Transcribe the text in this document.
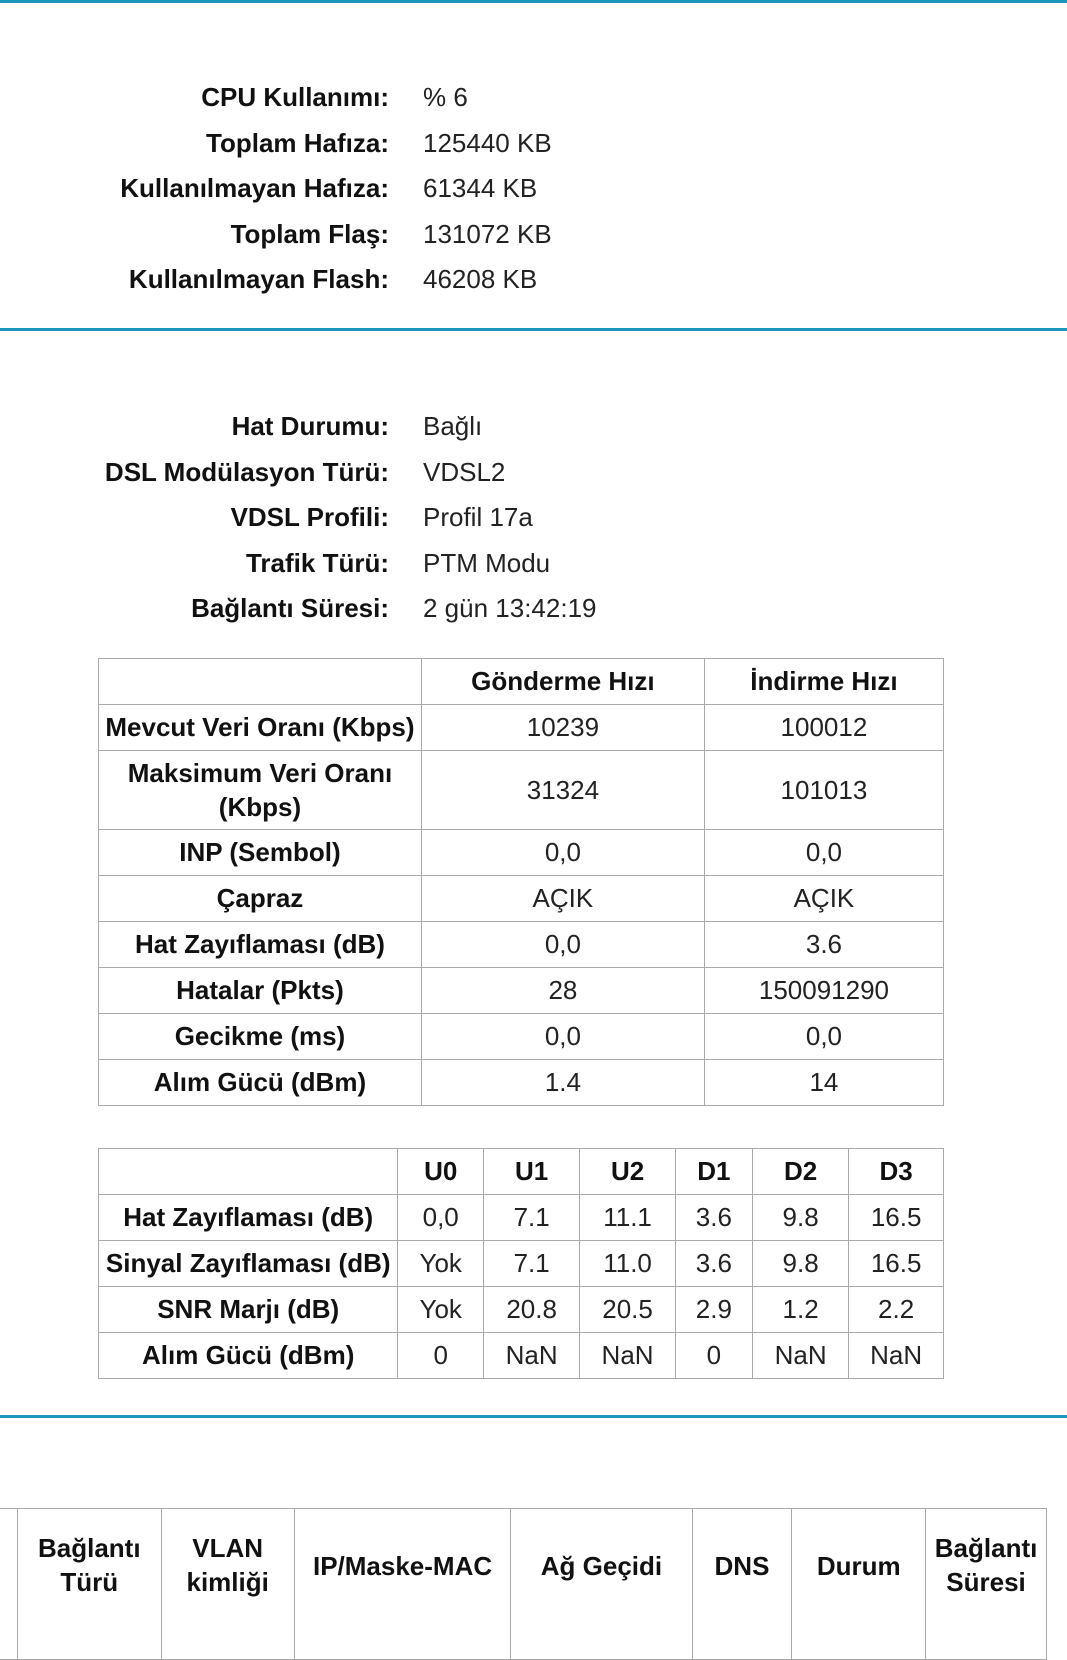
CPU Kullanımı:	% 6
Toplam Hafıza:	125440 KB
Kullanılmayan Hafıza:	61344 KB
Toplam Flaş:	131072 KB
Kullanılmayan Flash:	46208 KB
Hat Durumu:	Bağlı
DSL Modülasyon Türü:	VDSL2
VDSL Profili:	Profil 17a
Trafik Türü:	PTM Modu
Bağlantı Süresi:	2 gün 13:42:19
	Gönderme Hızı	İndirme Hızı
Mevcut Veri Oranı (Kbps)	10239	100012
Maksimum Veri Oranı (Kbps)	31324	101013
INP (Sembol)	0,0	0,0
Çapraz	AÇIK	AÇIK
Hat Zayıflaması (dB)	0,0	3.6
Hatalar (Pkts)	28	150091290
Gecikme (ms)	0,0	0,0
Alım Gücü (dBm)	1.4	14
	U0	U1	U2	D1	D2	D3
Hat Zayıflaması (dB)	0,0	7.1	11.1	3.6	9.8	16.5
Sinyal Zayıflaması (dB)	Yok	7.1	11.0	3.6	9.8	16.5
SNR Marjı (dB)	Yok	20.8	20.5	2.9	1.2	2.2
Alım Gücü (dBm)	0	NaN	NaN	0	NaN	NaN
	Bağlantı Türü	VLAN kimliği	IP/Maske-MAC	Ağ Geçidi	DNS	Durum	Bağlantı Süresi
